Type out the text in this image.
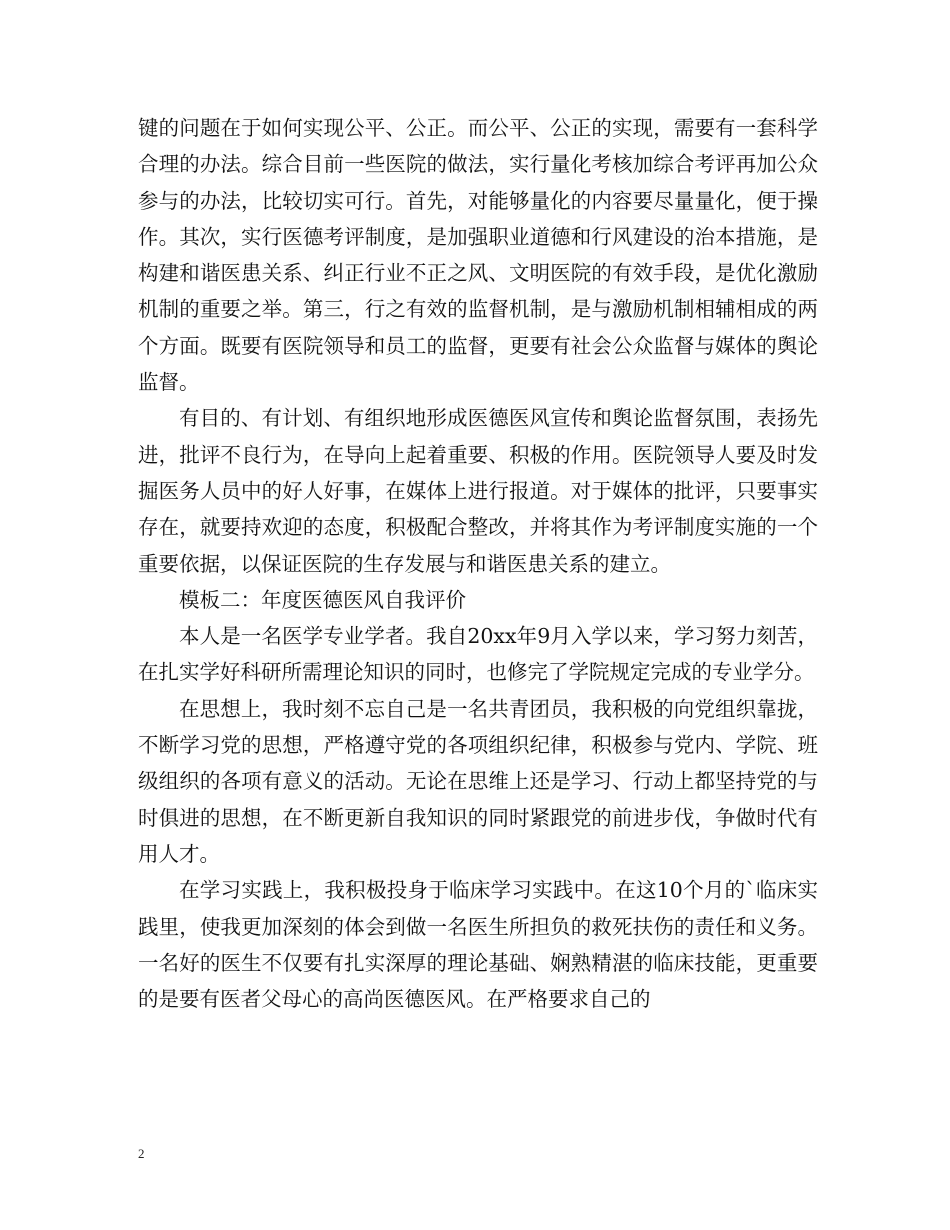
键的问题在于如何实现公平、公正。而公平、公正的实现，需要有一套科学合理的办法。综合目前一些医院的做法，实行量化考核加综合考评再加公众参与的办法，比较切实可行。首先，对能够量化的内容要尽量量化，便于操作。其次，实行医德考评制度，是加强职业道德和行风建设的治本措施，是构建和谐医患关系、纠正行业不正之风、文明医院的有效手段，是优化激励机制的重要之举。第三，行之有效的监督机制，是与激励机制相辅相成的两个方面。既要有医院领导和员工的监督，更要有社会公众监督与媒体的舆论监督。

有目的、有计划、有组织地形成医德医风宣传和舆论监督氛围，表扬先进，批评不良行为，在导向上起着重要、积极的作用。医院领导人要及时发掘医务人员中的好人好事，在媒体上进行报道。对于媒体的批评，只要事实存在，就要持欢迎的态度，积极配合整改，并将其作为考评制度实施的一个重要依据，以保证医院的生存发展与和谐医患关系的建立。

模板二：年度医德医风自我评价

本人是一名医学专业学者。我自20xx年9月入学以来，学习努力刻苦，在扎实学好科研所需理论知识的同时，也修完了学院规定完成的专业学分。

在思想上，我时刻不忘自己是一名共青团员，我积极的向党组织靠拢，不断学习党的思想，严格遵守党的各项组织纪律，积极参与党内、学院、班级组织的各项有意义的活动。无论在思维上还是学习、行动上都坚持党的与时俱进的思想，在不断更新自我知识的同时紧跟党的前进步伐，争做时代有用人才。

在学习实践上，我积极投身于临床学习实践中。在这10个月的`临床实践里，使我更加深刻的体会到做一名医生所担负的救死扶伤的责任和义务。一名好的医生不仅要有扎实深厚的理论基础、娴熟精湛的临床技能，更重要的是要有医者父母心的高尚医德医风。在严格要求自己的

2
